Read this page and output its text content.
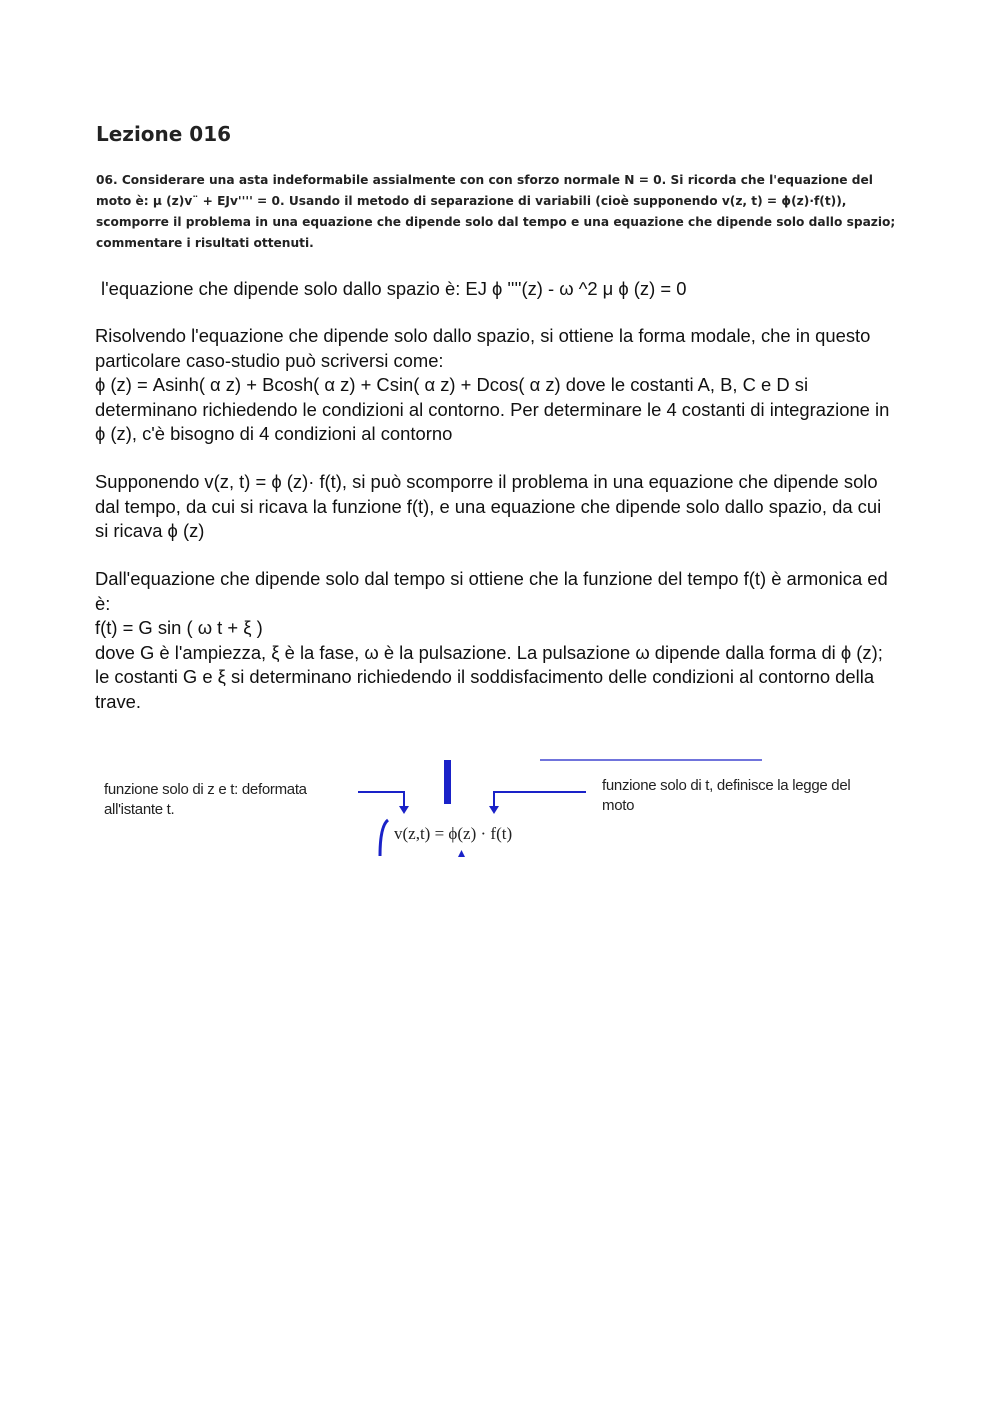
Lezione 016
06. Considerare una asta indeformabile assialmente con con sforzo normale N = 0. Si ricorda che l'equazione del moto è: μ (z)v¨ + EJv'''' = 0. Usando il metodo di separazione di variabili (cioè supponendo v(z, t) = ϕ(z)·f(t)), scomporre il problema in una equazione che dipende solo dal tempo e una equazione che dipende solo dallo spazio; commentare i risultati ottenuti.

l'equazione che dipende solo dallo spazio è: EJ ϕ ''''(z) - ω ^2 μ ϕ (z) = 0

Risolvendo l'equazione che dipende solo dallo spazio, si ottiene la forma modale, che in questo particolare caso-studio può scriversi come:

ϕ (z) = Asinh( α z) + Bcosh( α z) + Csin( α z) + Dcos( α z) dove le costanti A, B, C e D si determinano richiedendo le condizioni al contorno. Per determinare le 4 costanti di integrazione in ϕ (z), c'è bisogno di 4 condizioni al contorno

Supponendo v(z, t) = ϕ (z)· f(t), si può scomporre il problema in una equazione che dipende solo dal tempo, da cui si ricava la funzione f(t), e una equazione che dipende solo dallo spazio, da cui si ricava ϕ (z)

Dall'equazione che dipende solo dal tempo si ottiene che la funzione del tempo f(t) è armonica ed è:

f(t) = G sin ( ω t + ξ )

dove G è l'ampiezza, ξ è la fase, ω è la pulsazione. La pulsazione ω dipende dalla forma di ϕ (z); le costanti G e ξ si determinano richiedendo il soddisfacimento delle condizioni al contorno della trave.

funzione solo di z e t: deformata all'istante t.
funzione solo di t, definisce la legge del moto
v(z,t) = ϕ(z) · f(t)
